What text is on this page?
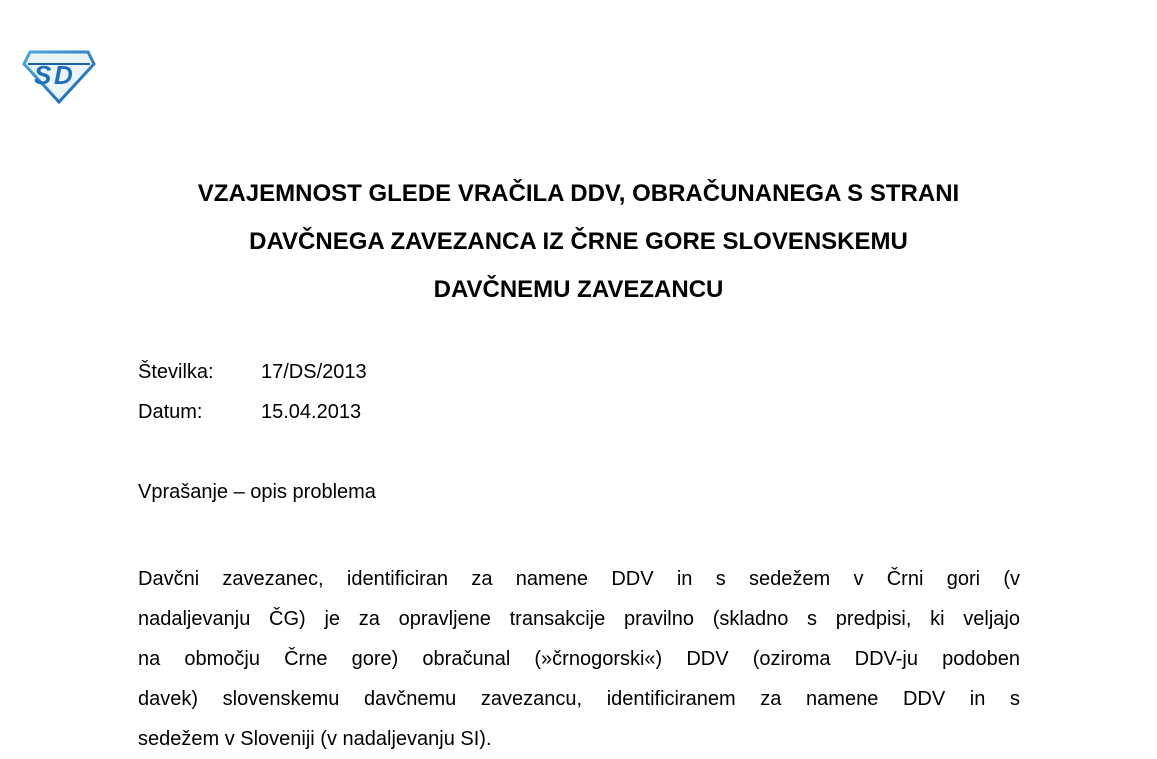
S D
VZAJEMNOST GLEDE VRAČILA DDV, OBRAČUNANEGA S STRANI
DAVČNEGA ZAVEZANCA IZ ČRNE GORE SLOVENSKEMU
DAVČNEMU ZAVEZANCU
Številka: 17/DS/2013
Datum:	15.04.2013
Vprašanje – opis problema
Davčni zavezanec, identificiran za namene DDV in s sedežem v Črni gori (v
nadaljevanju ČG) je za opravljene transakcije pravilno (skladno s predpisi, ki veljajo
na območju Črne gore) obračunal (»črnogorski«) DDV (oziroma DDV-ju podoben
davek) slovenskemu davčnemu zavezancu, identificiranem za namene DDV in s
sedežem v Sloveniji (v nadaljevanju SI).
